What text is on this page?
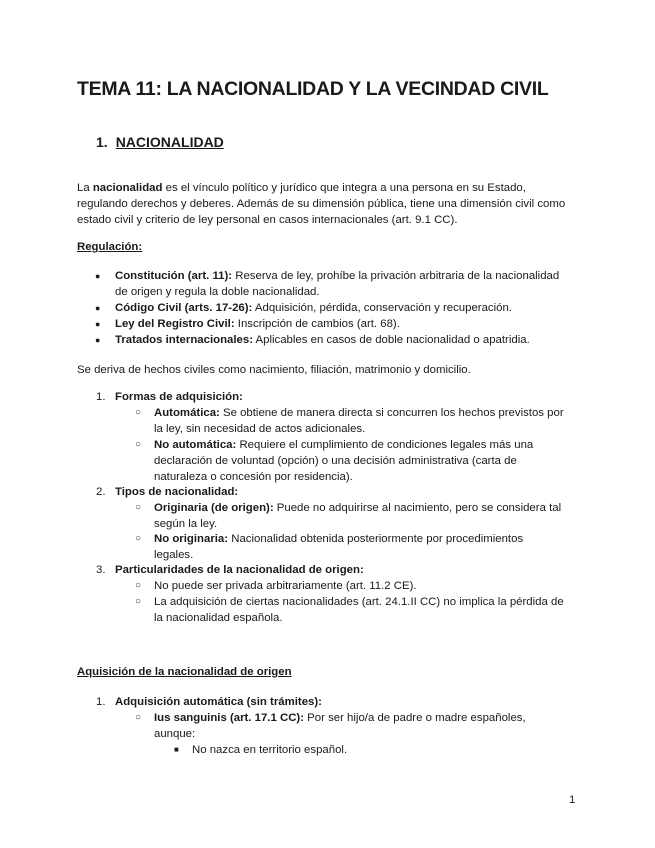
TEMA 11: LA NACIONALIDAD Y LA VECINDAD CIVIL
1. NACIONALIDAD

La nacionalidad es el vínculo político y jurídico que integra a una persona en su Estado, regulando derechos y deberes. Además de su dimensión pública, tiene una dimensión civil como estado civil y criterio de ley personal en casos internacionales (art. 9.1 CC).

Regulación:

● Constitución (art. 11): Reserva de ley, prohíbe la privación arbitraria de la nacionalidad
de origen y regula la doble nacionalidad.
● Código Civil (arts. 17-26): Adquisición, pérdida, conservación y recuperación.
● Ley del Registro Civil: Inscripción de cambios (art. 68).
● Tratados internacionales: Aplicables en casos de doble nacionalidad o apatridia.

Se deriva de hechos civiles como nacimiento, filiación, matrimonio y domicilio.

1. Formas de adquisición:
○ Automática: Se obtiene de manera directa si concurren los hechos previstos por
la ley, sin necesidad de actos adicionales.
○ No automática: Requiere el cumplimiento de condiciones legales más una
declaración de voluntad (opción) o una decisión administrativa (carta de
naturaleza o concesión por residencia).
2. Tipos de nacionalidad:
○ Originaria (de origen): Puede no adquirirse al nacimiento, pero se considera tal
según la ley.
○ No originaria: Nacionalidad obtenida posteriormente por procedimientos
legales.
3. Particularidades de la nacionalidad de origen:
○ No puede ser privada arbitrariamente (art. 11.2 CE).
○ La adquisición de ciertas nacionalidades (art. 24.1.II CC) no implica la pérdida de
la nacionalidad española.

Aquisición de la nacionalidad de origen

1. Adquisición automática (sin trámites):
○ Ius sanguinis (art. 17.1 CC): Por ser hijo/a de padre o madre españoles,
aunque:
■ No nazca en territorio español.
1
